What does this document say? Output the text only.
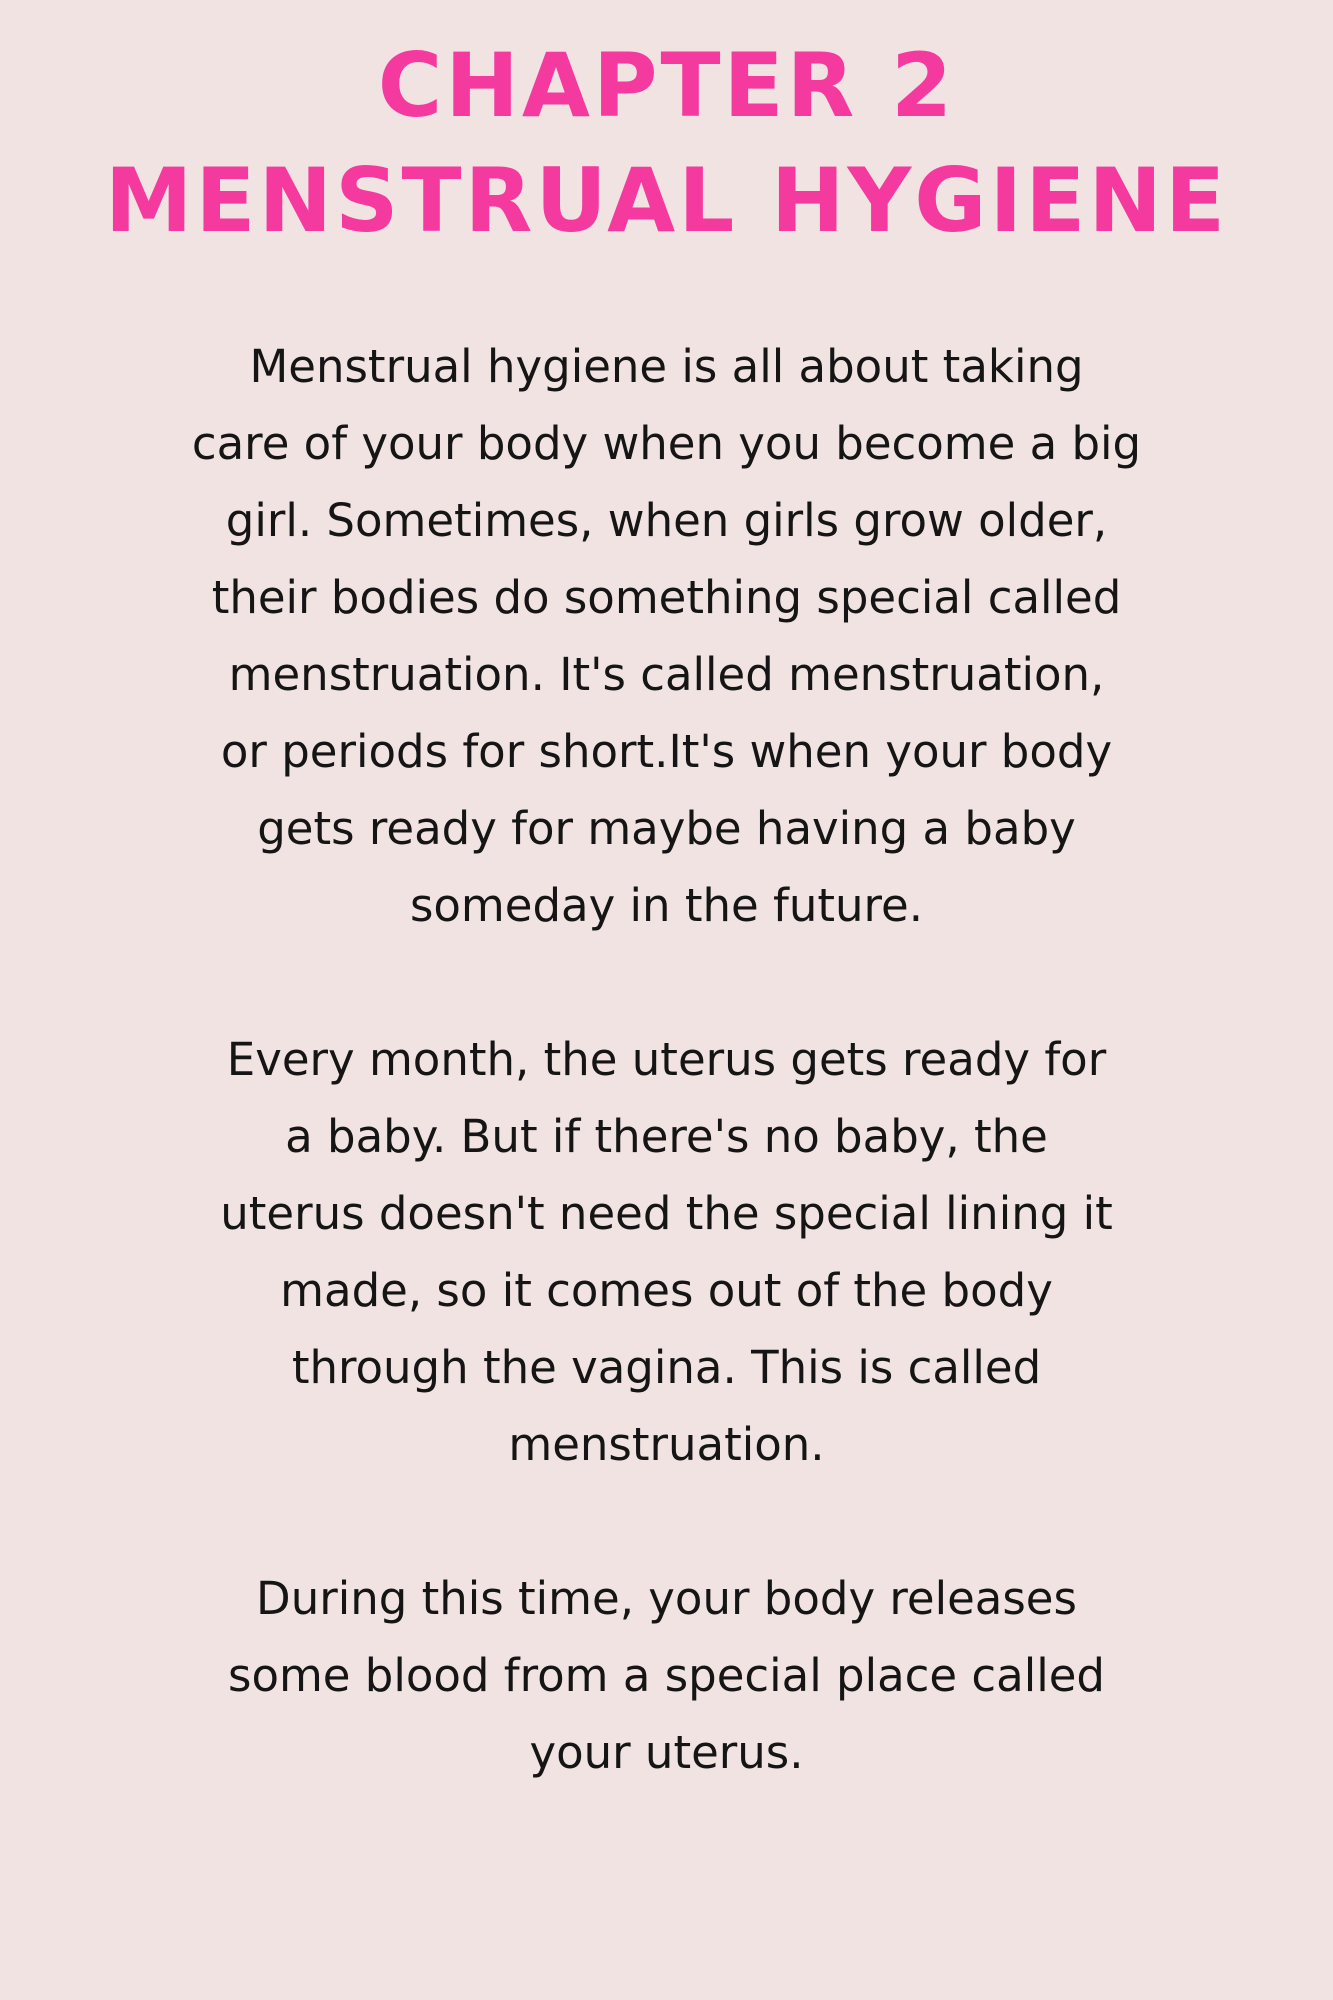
CHAPTER 2
MENSTRUAL HYGIENE
Menstrual hygiene is all about taking
care of your body when you become a big
girl. Sometimes, when girls grow older,
their bodies do something special called
menstruation. It's called menstruation,
or periods for short.It's when your body
gets ready for maybe having a baby
someday in the future.
Every month, the uterus gets ready for
a baby. But if there's no baby, the
uterus doesn't need the special lining it
made, so it comes out of the body
through the vagina. This is called
menstruation.
During this time, your body releases
some blood from a special place called
your uterus.
